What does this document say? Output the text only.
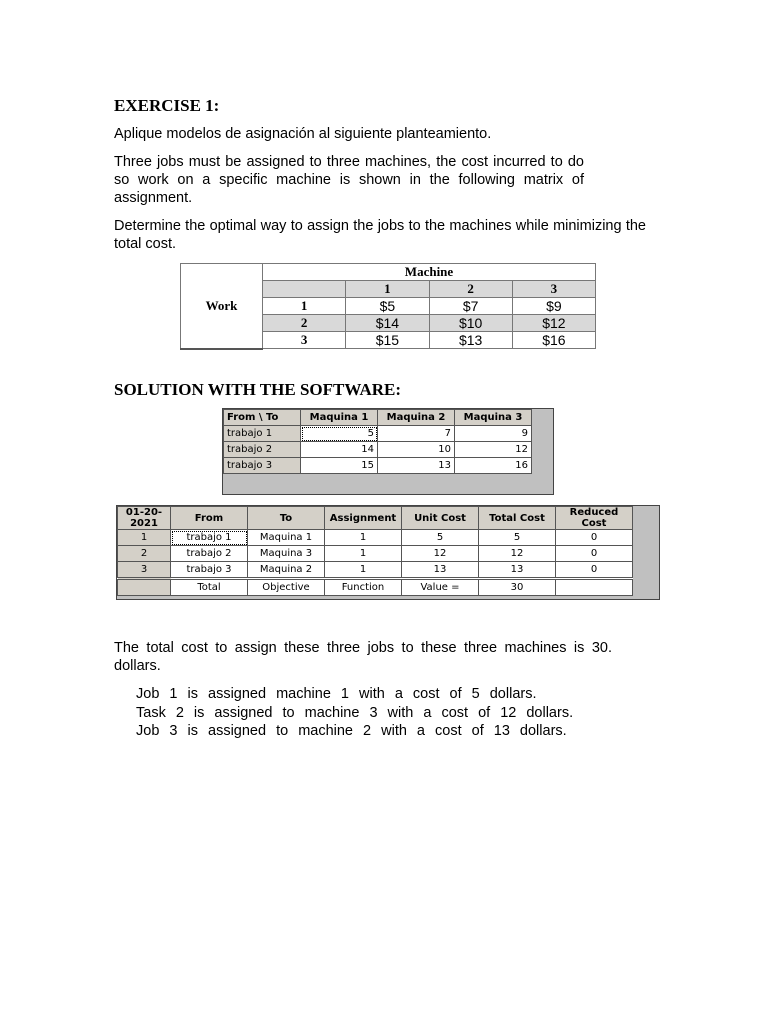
EXERCISE 1:
Aplique modelos de asignación al siguiente planteamiento.
Three jobs must be assigned to three machines, the cost incurred to do so work on a specific machine is shown in the following matrix of assignment.
Determine the optimal way to assign the jobs to the machines while minimizing the total cost.
Work	Machine			
		1	2	3
	1	$5	$7	$9
	2	$14	$10	$12
	3	$15	$13	$16
SOLUTION WITH THE SOFTWARE:
From \ To	Maquina 1	Maquina 2	Maquina 3
trabajo 1	5	7	9
trabajo 2	14	10	12
trabajo 3	15	13	16
01-20-2021	From	To	Assignment	Unit Cost	Total Cost	Reduced Cost
1	trabajo 1	Maquina 1	1	5	5	0
2	trabajo 2	Maquina 3	1	12	12	0
3	trabajo 3	Maquina 2	1	13	13	0
	Total	Objective	Function	Value =	30	
The total cost to assign these three jobs to these three machines is 30. dollars.
Job 1 is assigned machine 1 with a cost of 5 dollars.
Task 2 is assigned to machine 3 with a cost of 12 dollars.
Job 3 is assigned to machine 2 with a cost of 13 dollars.
